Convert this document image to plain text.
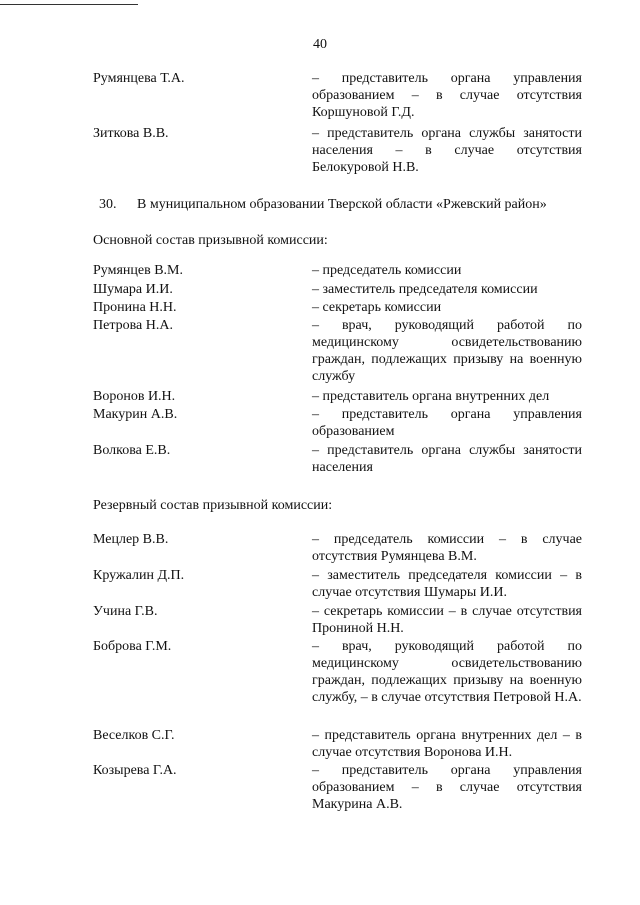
40
Румянцева Т.А.	– представитель органа управления образованием – в случае отсутствия Коршуновой Г.Д.
Зиткова В.В.	– представитель органа службы занятости населения – в случае отсутствия Белокуровой Н.В.
30. В муниципальном образовании Тверской области «Ржевский район»
Основной состав призывной комиссии:
Румянцев В.М.	– председатель комиссии
Шумара И.И.	– заместитель председателя комиссии
Пронина Н.Н.	– секретарь комиссии
Петрова Н.А.	– врач, руководящий работой по медицинскому освидетельствованию граждан, подлежащих призыву на военную службу
Воронов И.Н.	– представитель органа внутренних дел
Макурин А.В.	– представитель органа управления образованием
Волкова Е.В.	– представитель органа службы занятости населения
Резервный состав призывной комиссии:
Мецлер В.В.	– председатель комиссии – в случае отсутствия Румянцева В.М.
Кружалин Д.П.	– заместитель председателя комиссии – в случае отсутствия Шумары И.И.
Учина Г.В.	– секретарь комиссии – в случае отсутствия Прониной Н.Н.
Боброва Г.М.	– врач, руководящий работой по медицинскому освидетельствованию граждан, подлежащих призыву на военную службу, – в случае отсутствия Петровой Н.А.
Веселков С.Г.	– представитель органа внутренних дел – в случае отсутствия Воронова И.Н.
Козырева Г.А.	– представитель органа управления образованием – в случае отсутствия Макурина А.В.
